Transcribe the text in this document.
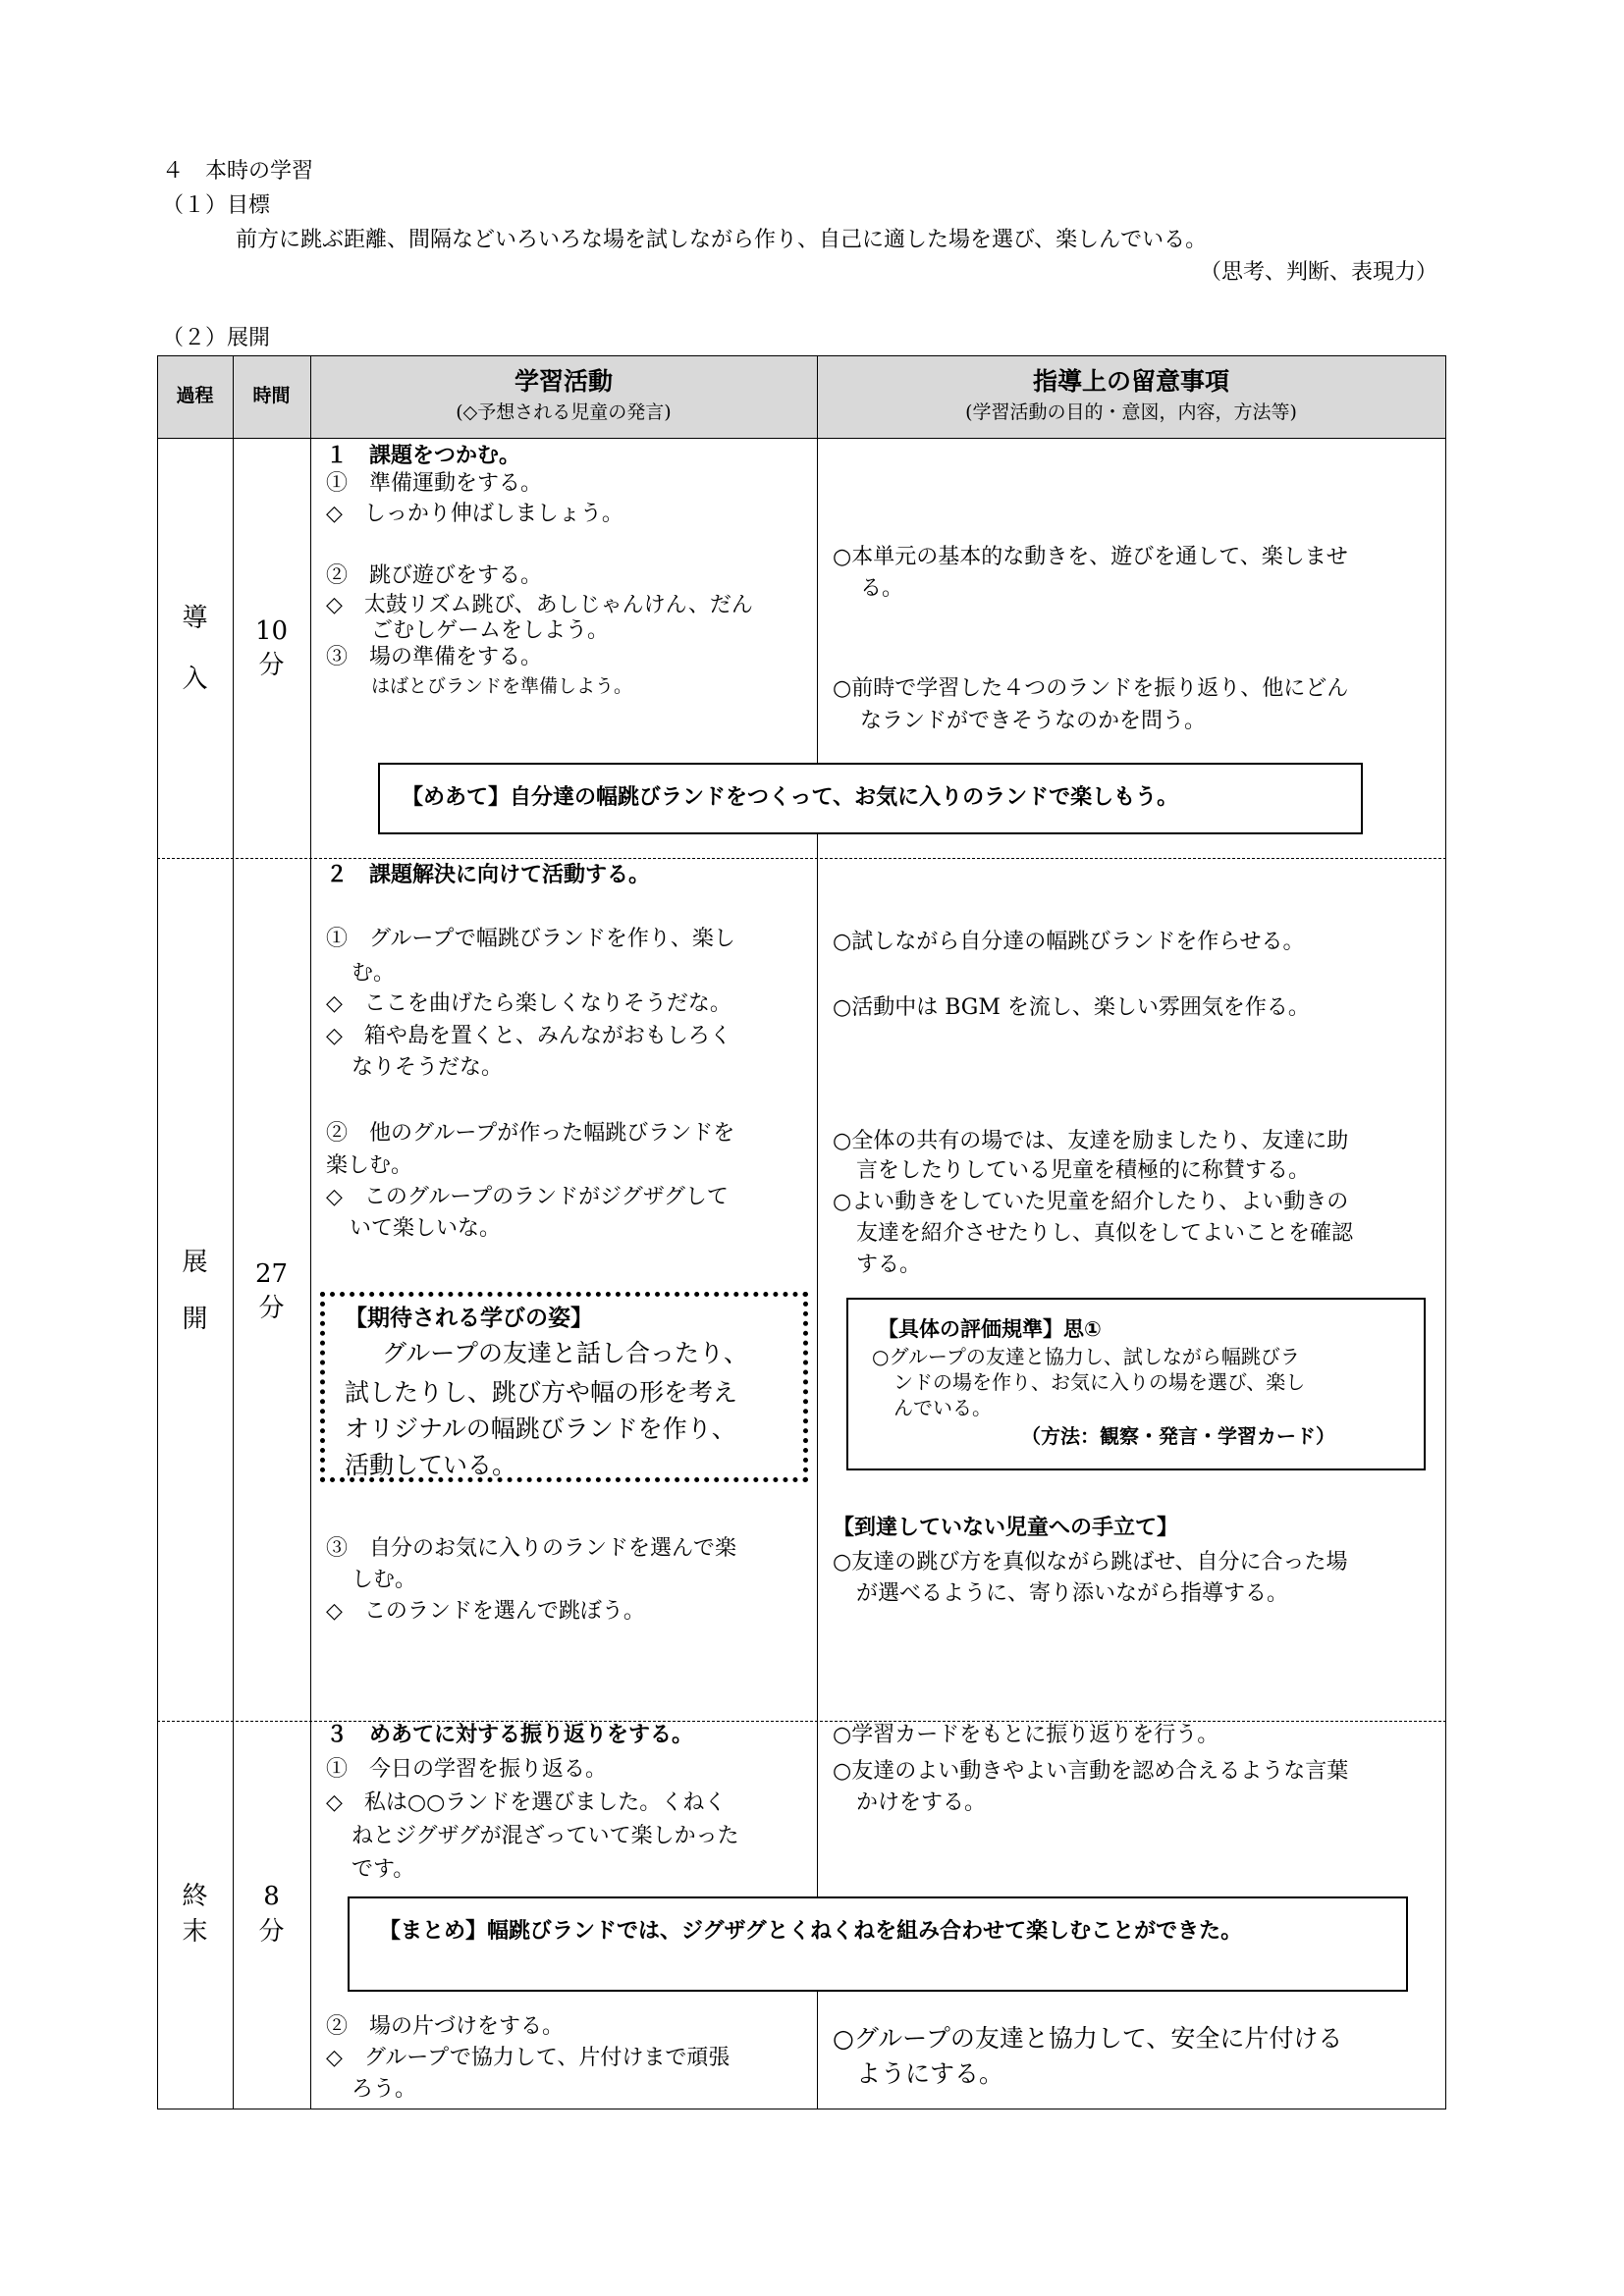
４　本時の学習
（１）目標
前方に跳ぶ距離、間隔などいろいろな場を試しながら作り、自己に適した場を選び、楽しんでいる。
（思考、判断、表現力）
（２）展開
過程	時間	学習活動
(◇予想される児童の発言)
指導上の留意事項
(学習活動の目的・意図，内容，方法等)
導
入
10
分
１　課題をつかむ。
①　準備運動をする。
◇　しっかり伸ばしましょう。
②　跳び遊びをする。
◇　太鼓リズム跳び、あしじゃんけん、だん
ごむしゲームをしよう。
③　場の準備をする。
はばとびランドを準備しよう。
○本単元の基本的な動きを、遊びを通して、楽しませ
る。
○前時で学習した４つのランドを振り返り、他にどん
なランドができそうなのかを問う。
【めあて】自分達の幅跳びランドをつくって、お気に入りのランドで楽しもう。
展
開
27
分
２　課題解決に向けて活動する。
①　グループで幅跳びランドを作り、楽し
む。
◇　ここを曲げたら楽しくなりそうだな。
◇　箱や島を置くと、みんながおもしろく
なりそうだな。
②　他のグループが作った幅跳びランドを
楽しむ。
◇　このグループのランドがジグザグして
いて楽しいな。
【期待される学びの姿】
グループの友達と話し合ったり、
試したりし、跳び方や幅の形を考え
オリジナルの幅跳びランドを作り、
活動している。
③　自分のお気に入りのランドを選んで楽
しむ。
◇　このランドを選んで跳ぼう。
○試しながら自分達の幅跳びランドを作らせる。
○活動中は BGM を流し、楽しい雰囲気を作る。
○全体の共有の場では、友達を励ましたり、友達に助
言をしたりしている児童を積極的に称賛する。
○よい動きをしていた児童を紹介したり、よい動きの
友達を紹介させたりし、真似をしてよいことを確認
する。
【具体の評価規準】思①
○グループの友達と協力し、試しながら幅跳びラ
ンドの場を作り、お気に入りの場を選び、楽し
んでいる。
（方法：観察・発言・学習カード）
【到達していない児童への手立て】
○友達の跳び方を真似ながら跳ばせ、自分に合った場
が選べるように、寄り添いながら指導する。
終
末
8
分
３　めあてに対する振り返りをする。
①　今日の学習を振り返る。
◇　私は○○ランドを選びました。くねく
ねとジグザグが混ざっていて楽しかった
です。
○学習カードをもとに振り返りを行う。
○友達のよい動きやよい言動を認め合えるような言葉
かけをする。
【まとめ】幅跳びランドでは、ジグザグとくねくねを組み合わせて楽しむことができた。
②　場の片づけをする。
◇　グループで協力して、片付けまで頑張
ろう。
○グループの友達と協力して、安全に片付ける
ようにする。
